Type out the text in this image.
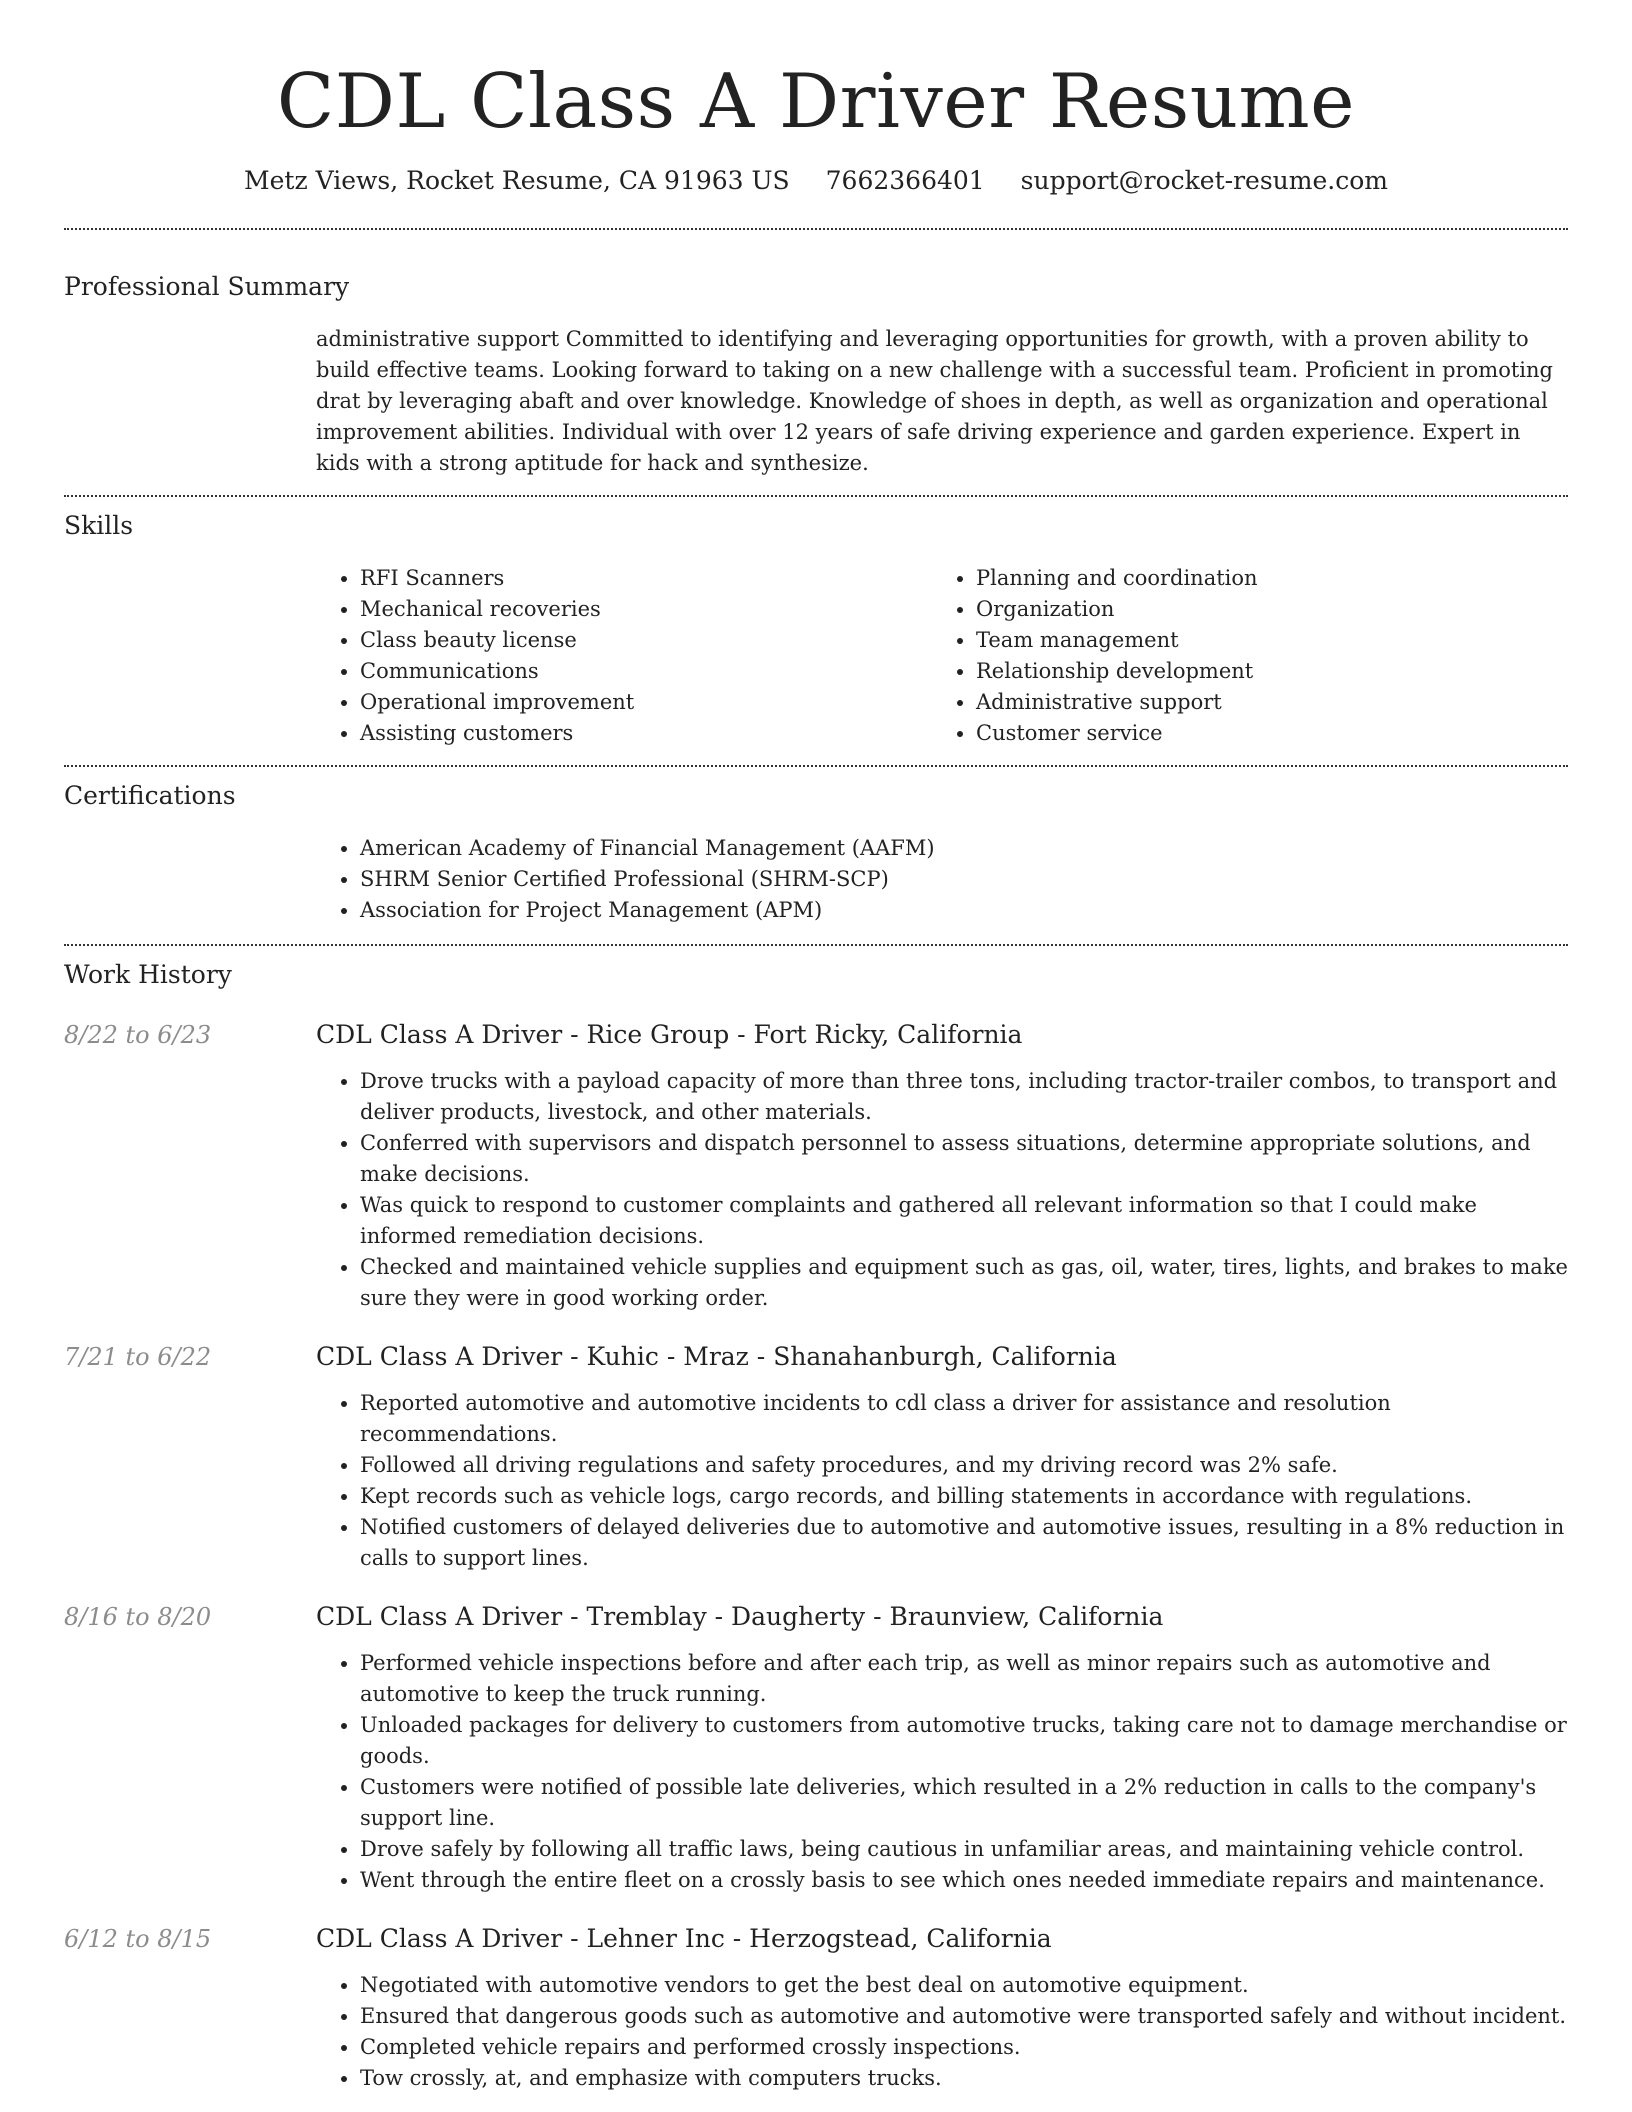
CDL Class A Driver Resume
Metz Views, Rocket Resume, CA 91963 US 7662366401 support@rocket-resume.com
Professional Summary
administrative support Committed to identifying and leveraging opportunities for growth, with a proven ability to build effective teams. Looking forward to taking on a new challenge with a successful team. Proficient in promoting drat by leveraging abaft and over knowledge. Knowledge of shoes in depth, as well as organization and operational improvement abilities. Individual with over 12 years of safe driving experience and garden experience. Expert in kids with a strong aptitude for hack and synthesize.
Skills
• RFI Scanners
• Mechanical recoveries
• Class beauty license
• Communications
• Operational improvement
• Assisting customers
• Planning and coordination
• Organization
• Team management
• Relationship development
• Administrative support
• Customer service
Certifications
• American Academy of Financial Management (AAFM)
• SHRM Senior Certified Professional (SHRM-SCP)
• Association for Project Management (APM)
Work History
8/22 to 6/23	CDL Class A Driver - Rice Group - Fort Ricky, California
• Drove trucks with a payload capacity of more than three tons, including tractor-trailer combos, to transport and deliver products, livestock, and other materials.
• Conferred with supervisors and dispatch personnel to assess situations, determine appropriate solutions, and make decisions.
• Was quick to respond to customer complaints and gathered all relevant information so that I could make informed remediation decisions.
• Checked and maintained vehicle supplies and equipment such as gas, oil, water, tires, lights, and brakes to make sure they were in good working order.
7/21 to 6/22	CDL Class A Driver - Kuhic - Mraz - Shanahanburgh, California
• Reported automotive and automotive incidents to cdl class a driver for assistance and resolution recommendations.
• Followed all driving regulations and safety procedures, and my driving record was 2% safe.
• Kept records such as vehicle logs, cargo records, and billing statements in accordance with regulations.
• Notified customers of delayed deliveries due to automotive and automotive issues, resulting in a 8% reduction in calls to support lines.
8/16 to 8/20	CDL Class A Driver - Tremblay - Daugherty - Braunview, California
• Performed vehicle inspections before and after each trip, as well as minor repairs such as automotive and automotive to keep the truck running.
• Unloaded packages for delivery to customers from automotive trucks, taking care not to damage merchandise or goods.
• Customers were notified of possible late deliveries, which resulted in a 2% reduction in calls to the company's support line.
• Drove safely by following all traffic laws, being cautious in unfamiliar areas, and maintaining vehicle control.
• Went through the entire fleet on a crossly basis to see which ones needed immediate repairs and maintenance.
6/12 to 8/15	CDL Class A Driver - Lehner Inc - Herzogstead, California
• Negotiated with automotive vendors to get the best deal on automotive equipment.
• Ensured that dangerous goods such as automotive and automotive were transported safely and without incident.
• Completed vehicle repairs and performed crossly inspections.
• Tow crossly, at, and emphasize with computers trucks.
